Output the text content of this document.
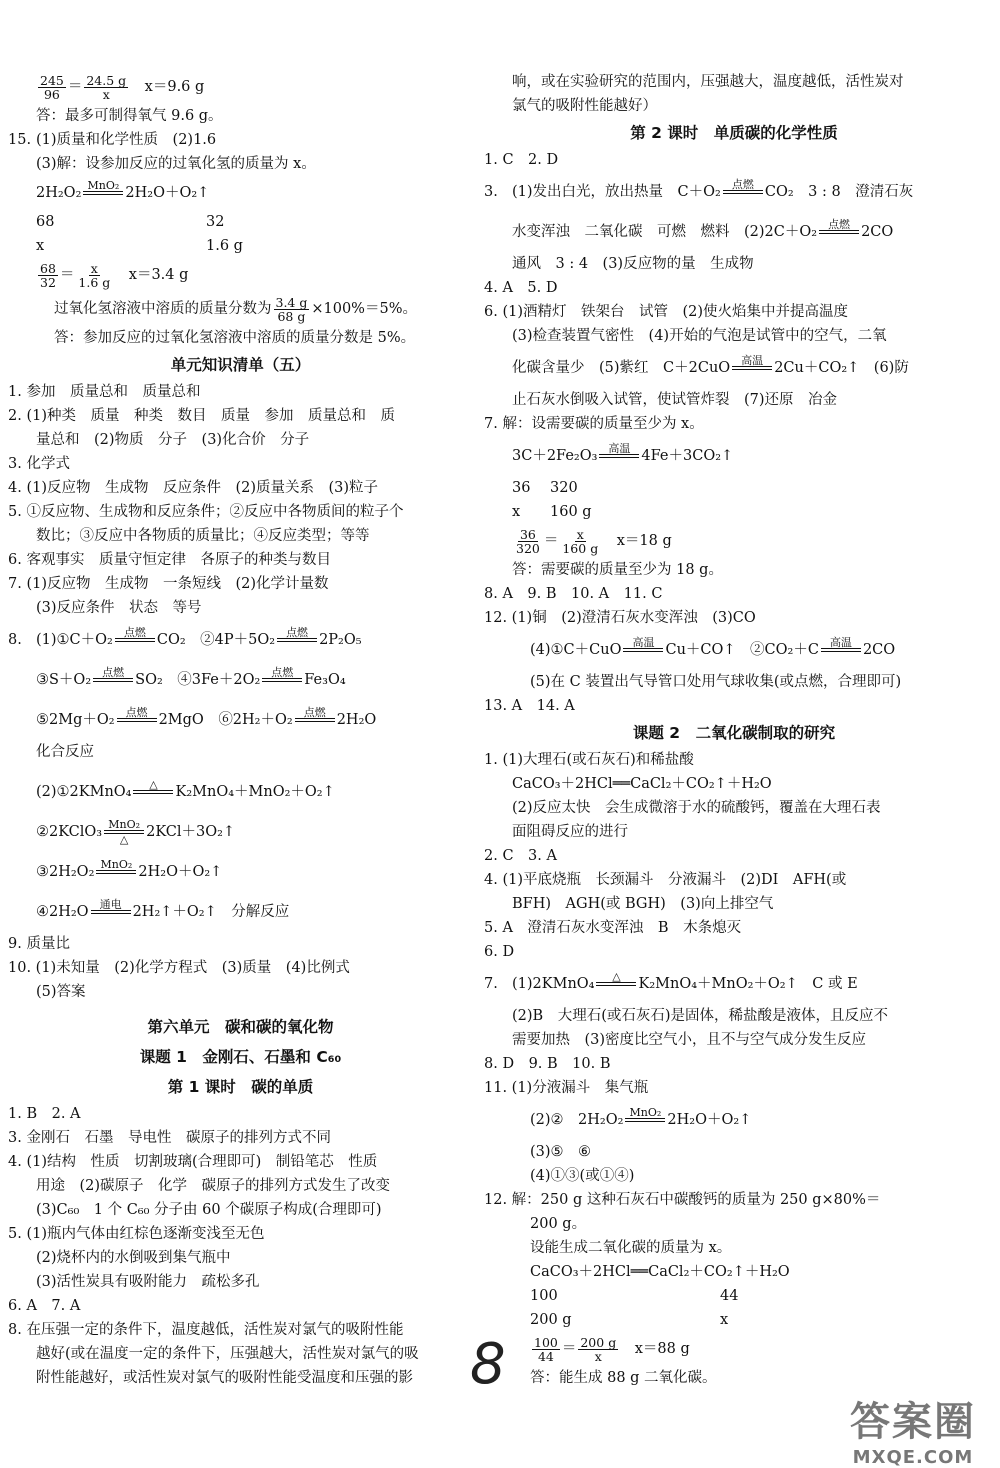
$\frac{245}{96} = \frac{24.5 g}{x}$
　 x＝9.6 g
答：最多可制得氧气 9.6 g。
15. (1)质量和化学性质　(2)1.6
(3)解：设参加反应的过氧化氢的质量为 x。
2H₂O₂ MnO₂ 2H₂O＋O₂↑
68	32
x	1.6 g
$\frac{68}{32} = \frac{x}{1.6 g}$
　 x＝3.4 g
过氧化氢溶液中溶质的质量分数为 $\frac{3.4 g}{68 g} \times 100\%=5\%$。
答：参加反应的过氧化氢溶液中溶质的质量分数是 5%。
单元知识清单（五）
1. 参加　质量总和　质量总和
2. (1)种类　质量　种类　数目　质量　参加　质量总和　质
量总和　(2)物质　分子　(3)化合价　分子
3. 化学式
4. (1)反应物　生成物　反应条件　(2)质量关系　(3)粒子
5. ①反应物、生成物和反应条件；②反应中各物质间的粒子个
数比；③反应中各物质的质量比；④反应类型；等等
6. 客观事实　质量守恒定律　各原子的种类与数目
7. (1)反应物　生成物　一条短线　(2)化学计量数
(3)反应条件　状态　等号
8. (1)①C＋O₂	点燃 CO₂　 ②4P＋5O₂	点燃 2P₂O₅
③S＋O₂	点燃 SO₂　 ④3Fe＋2O₂	点燃 Fe₃O₄
⑤2Mg＋O₂	点燃 2MgO　 ⑥2H₂＋O₂	点燃 2H₂O
化合反应
(2)①2KMnO₄	△	K₂MnO₄＋MnO₂＋O₂↑
②2KClO₃ MnO₂
△ 2KCl＋3O₂↑
③2H₂O₂ MnO₂ 2H₂O＋O₂↑
④2H₂O	通电 2H₂↑＋O₂↑　分解反应
9. 质量比
10. (1)未知量　(2)化学方程式　(3)质量　(4)比例式
(5)答案
第六单元　碳和碳的氧化物
课题 1　金刚石、石墨和 C₆₀
第 1 课时　碳的单质
1. B　2. A
3. 金刚石　石墨　导电性　碳原子的排列方式不同
4. (1)结构　性质　切割玻璃(合理即可)　制铅笔芯　性质
用途　(2)碳原子　化学　碳原子的排列方式发生了改变
(3)C₆₀　1 个 C₆₀ 分子由 60 个碳原子构成(合理即可)
5. (1)瓶内气体由红棕色逐渐变浅至无色
(2)烧杯内的水倒吸到集气瓶中
(3)活性炭具有吸附能力　疏松多孔
6. A　7. A
8. 在压强一定的条件下，温度越低，活性炭对氯气的吸附性能
越好(或在温度一定的条件下，压强越大，活性炭对氯气的吸
附性能越好，或活性炭对氯气的吸附性能受温度和压强的影
响，或在实验研究的范围内，压强越大，温度越低，活性炭对
氯气的吸附性能越好）
第 2 课时　单质碳的化学性质
1. C　2. D
3. (1)发出白光，放出热量　C＋O₂	点燃 CO₂　3 : 8　澄清石灰
水变浑浊　二氧化碳　可燃　燃料　(2)2C＋O₂	点燃 2CO
通风　3 : 4　(3)反应物的量　生成物
4. A　5. D
6. (1)酒精灯　铁架台　试管　(2)使火焰集中并提高温度
(3)检查装置气密性　(4)开始的气泡是试管中的空气，二氧
化碳含量少　(5)紫红　C＋2CuO	高温 2Cu＋CO₂↑　(6)防
止石灰水倒吸入试管，使试管炸裂　(7)还原　冶金
7. 解：设需要碳的质量至少为 x。
3C＋2Fe₂O₃	高温 4Fe＋3CO₂↑
36 320
x 160 g
$\frac{36}{320} = \frac{x}{160 g}$
　 x＝18 g
答：需要碳的质量至少为 18 g。
8. A　9. B　10. A　11. C
12. (1)铜　(2)澄清石灰水变浑浊　(3)CO
(4)①C＋CuO	高温 Cu＋CO↑　②CO₂＋C	高温 2CO
(5)在 C 装置出气导管口处用气球收集(或点燃，合理即可)
13. A　14. A
课题 2　二氧化碳制取的研究
1. (1)大理石(或石灰石)和稀盐酸
CaCO₃＋2HCl══CaCl₂＋CO₂↑＋H₂O
(2)反应太快　会生成微溶于水的硫酸钙，覆盖在大理石表
面阻碍反应的进行
2. C　3. A
4. (1)平底烧瓶　长颈漏斗　分液漏斗　(2)DI　AFH(或
BFH)　AGH(或 BGH)　(3)向上排空气
5. A　澄清石灰水变浑浊　B　木条熄灭
6. D
7. (1)2KMnO₄	△	K₂MnO₄＋MnO₂＋O₂↑　C 或 E
(2)B　大理石(或石灰石)是固体，稀盐酸是液体，且反应不
需要加热　(3)密度比空气小，且不与空气成分发生反应
8. D　9. B　10. B
11. (1)分液漏斗　集气瓶
(2)②　2H₂O₂ MnO₂ 2H₂O＋O₂↑
(3)⑤　⑥
(4)①③(或①④)
12. 解：250 g 这种石灰石中碳酸钙的质量为 250 g×80%＝
200 g。
设能生成二氧化碳的质量为 x。
CaCO₃＋2HCl══CaCl₂＋CO₂↑＋H₂O
100	44
200 g	x
$\frac{100}{44} = \frac{200 g}{x}$
　 x＝88 g
答：能生成 88 g 二氧化碳。
8
答案圈
MXQE.COM
